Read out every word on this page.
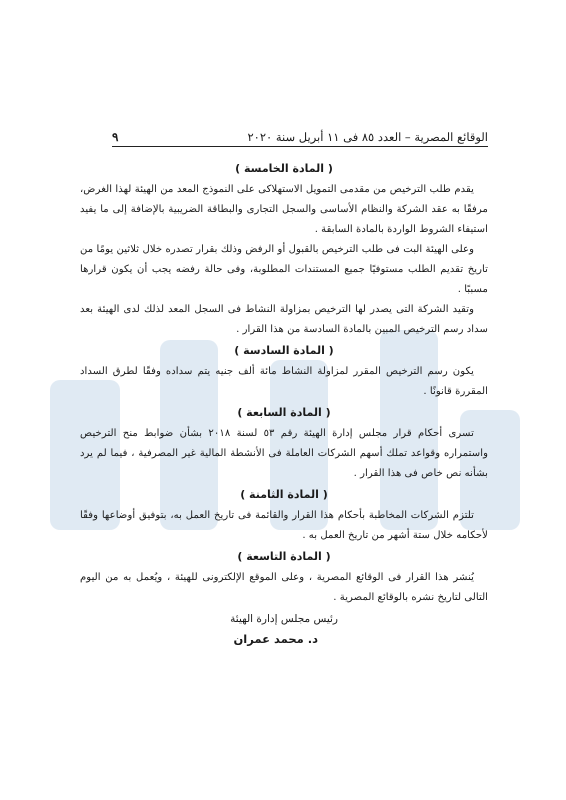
الوقائع المصرية – العدد ٨٥ فى ١١ أبريل سنة ٢٠٢٠
٩
( المادة الخامسة )

يقدم طلب الترخيص من مقدمى التمويل الاستهلاكى على النموذج المعد من الهيئة لهذا الغرض، مرفقًا به عقد الشركة والنظام الأساسى والسجل التجارى والبطاقة الضريبية بالإضافة إلى ما يفيد استيفاء الشروط الواردة بالمادة السابقة .

وعلى الهيئة البت فى طلب الترخيص بالقبول أو الرفض وذلك بقرار تصدره خلال ثلاثين يومًا من تاريخ تقديم الطلب مستوفيًا جميع المستندات المطلوبة، وفى حالة رفضه يجب أن يكون قرارها مسببًا .

وتقيد الشركة التى يصدر لها الترخيص بمزاولة النشاط فى السجل المعد لذلك لدى الهيئة بعد سداد رسم الترخيص المبين بالمادة السادسة من هذا القرار .

( المادة السادسة )

يكون رسم الترخيص المقرر لمزاولة النشاط مائة ألف جنيه يتم سداده وفقًا لطرق السداد المقررة قانونًا .

( المادة السابعة )

تسرى أحكام قرار مجلس إدارة الهيئة رقم ٥٣ لسنة ٢٠١٨ بشأن ضوابط منح الترخيص واستمراره وقواعد تملك أسهم الشركات العاملة فى الأنشطة المالية غير المصرفية ، فيما لم يرد بشأنه نص خاص فى هذا القرار .

( المادة الثامنة )

تلتزم الشركات المخاطبة بأحكام هذا القرار والقائمة فى تاريخ العمل به، بتوفيق أوضاعها وفقًا لأحكامه خلال ستة أشهر من تاريخ العمل به .

( المادة التاسعة )

يُنشر هذا القرار فى الوقائع المصرية ، وعلى الموقع الإلكترونى للهيئة ، ويُعمل به من اليوم التالى لتاريخ نشره بالوقائع المصرية .

رئيس مجلس إدارة الهيئة
د. محمد عمران
